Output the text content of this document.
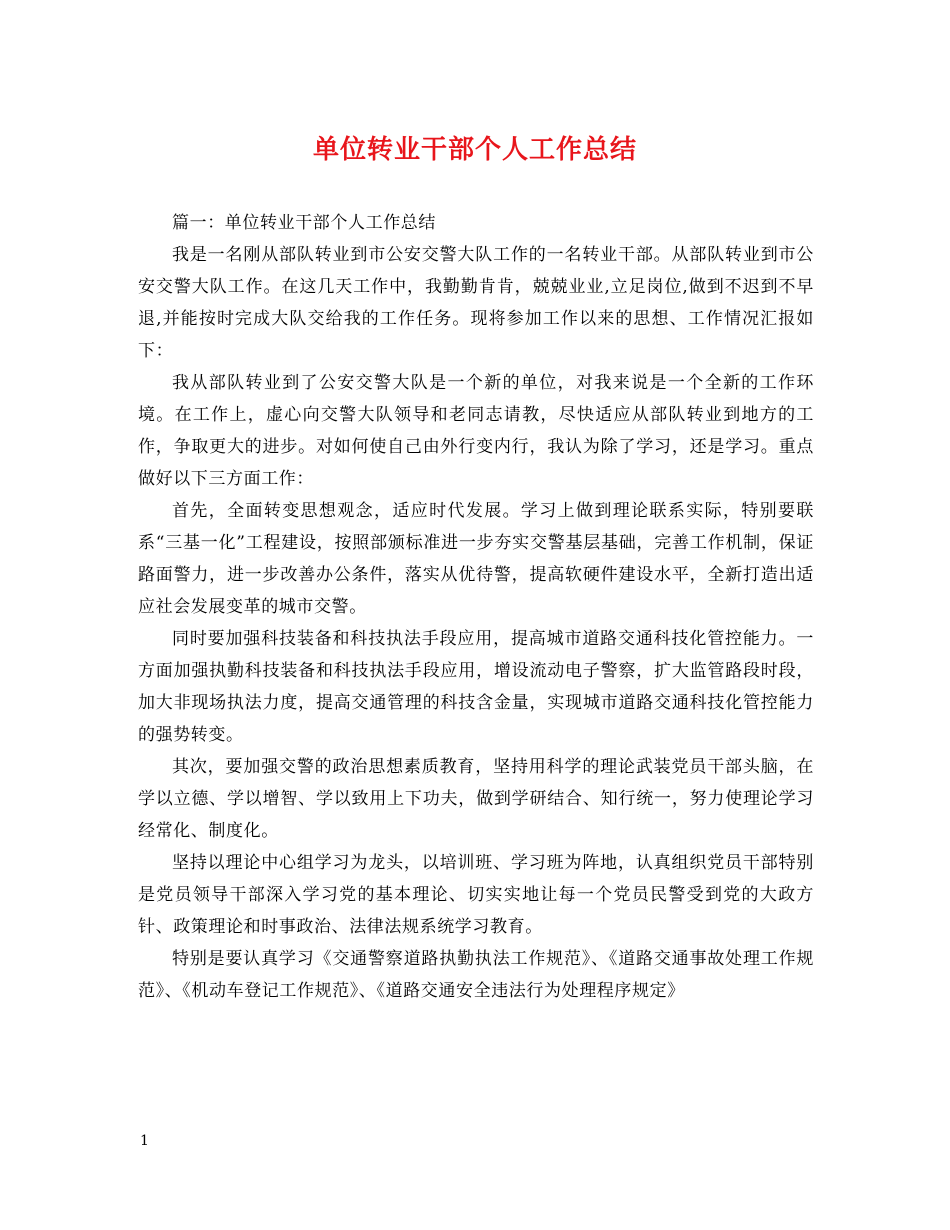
单位转业干部个人工作总结

篇一：单位转业干部个人工作总结

我是一名刚从部队转业到市公安交警大队工作的一名转业干部。从部队转业到市公安交警大队工作。在这几天工作中，我勤勤肯肯，兢兢业业,立足岗位,做到不迟到不早退,并能按时完成大队交给我的工作任务。现将参加工作以来的思想、工作情况汇报如下：

我从部队转业到了公安交警大队是一个新的单位，对我来说是一个全新的工作环境。在工作上，虚心向交警大队领导和老同志请教，尽快适应从部队转业到地方的工作，争取更大的进步。对如何使自己由外行变内行，我认为除了学习，还是学习。重点做好以下三方面工作：

首先，全面转变思想观念，适应时代发展。学习上做到理论联系实际，特别要联系“三基一化”工程建设，按照部颁标准进一步夯实交警基层基础，完善工作机制，保证路面警力，进一步改善办公条件，落实从优待警，提高软硬件建设水平，全新打造出适应社会发展变革的城市交警。

同时要加强科技装备和科技执法手段应用，提高城市道路交通科技化管控能力。一方面加强执勤科技装备和科技执法手段应用，增设流动电子警察，扩大监管路段时段，加大非现场执法力度，提高交通管理的科技含金量，实现城市道路交通科技化管控能力的强势转变。

其次，要加强交警的政治思想素质教育，坚持用科学的理论武装党员干部头脑，在学以立德、学以增智、学以致用上下功夫，做到学研结合、知行统一，努力使理论学习经常化、制度化。

坚持以理论中心组学习为龙头，以培训班、学习班为阵地，认真组织党员干部特别是党员领导干部深入学习党的基本理论、切实实地让每一个党员民警受到党的大政方针、政策理论和时事政治、法律法规系统学习教育。

特别是要认真学习《交通警察道路执勤执法工作规范》、《道路交通事故处理工作规范》、《机动车登记工作规范》、《道路交通安全违法行为处理程序规定》

1
